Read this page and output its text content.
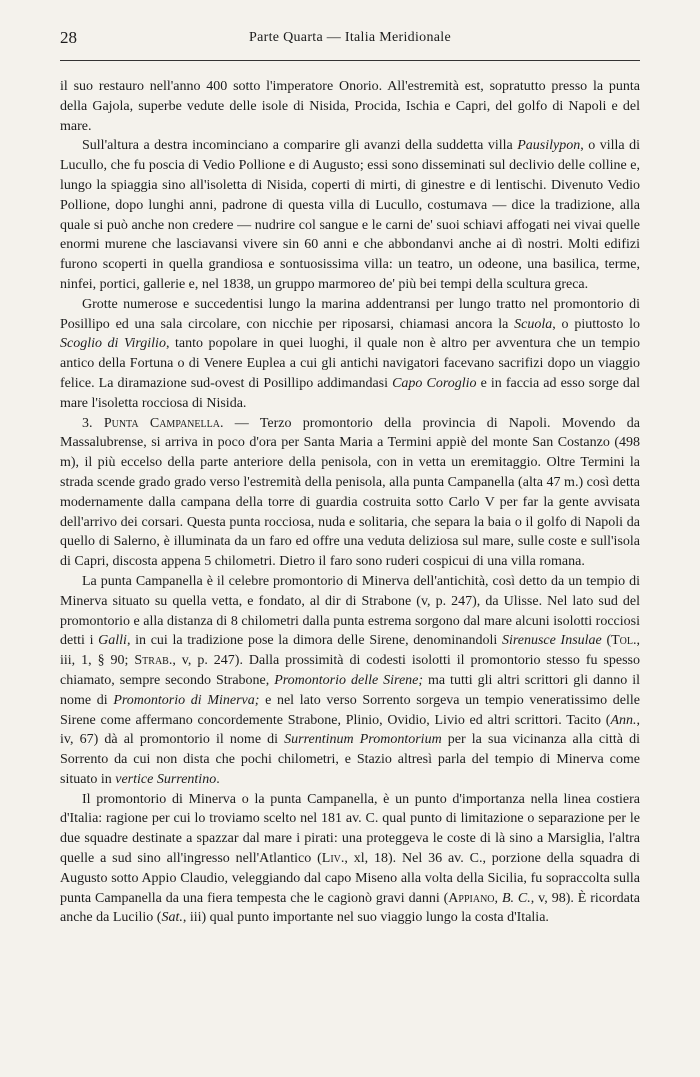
28	Parte Quarta — Italia Meridionale

il suo restauro nell'anno 400 sotto l'imperatore Onorio. All'estremità est, sopratutto presso la punta della Gajola, superbe vedute delle isole di Nisida, Procida, Ischia e Capri, del golfo di Napoli e del mare.

Sull'altura a destra incominciano a comparire gli avanzi della suddetta villa Pausilypon, o villa di Lucullo, che fu poscia di Vedio Pollione e di Augusto; essi sono disseminati sul declivio delle colline e, lungo la spiaggia sino all'isoletta di Nisida, coperti di mirti, di ginestre e di lentischi. Divenuto Vedio Pollione, dopo lunghi anni, padrone di questa villa di Lucullo, costumava — dice la tradizione, alla quale si può anche non credere — nudrire col sangue e le carni de' suoi schiavi affogati nei vivai quelle enormi murene che lasciavansi vivere sin 60 anni e che abbondanvi anche ai dì nostri. Molti edifizi furono scoperti in quella grandiosa e sontuosissima villa: un teatro, un odeone, una basilica, terme, ninfei, portici, gallerie e, nel 1838, un gruppo marmoreo de' più bei tempi della scultura greca.

Grotte numerose e succedentisi lungo la marina addentransi per lungo tratto nel promontorio di Posillipo ed una sala circolare, con nicchie per riposarsi, chiamasi ancora la Scuola, o piuttosto lo Scoglio di Virgilio, tanto popolare in quei luoghi, il quale non è altro per avventura che un tempio antico della Fortuna o di Venere Euplea a cui gli antichi navigatori facevano sacrifizi dopo un viaggio felice. La diramazione sud-ovest di Posillipo addimandasi Capo Coroglio e in faccia ad esso sorge dal mare l'isoletta rocciosa di Nisida.

3. Punta Campanella. — Terzo promontorio della provincia di Napoli. Movendo da Massalubrense, si arriva in poco d'ora per Santa Maria a Termini appiè del monte San Costanzo (498 m), il più eccelso della parte anteriore della penisola, con in vetta un eremitaggio. Oltre Termini la strada scende grado grado verso l'estremità della penisola, alla punta Campanella (alta 47 m.) così detta modernamente dalla campana della torre di guardia costruita sotto Carlo V per far la gente avvisata dell'arrivo dei corsari. Questa punta rocciosa, nuda e solitaria, che separa la baia o il golfo di Napoli da quello di Salerno, è illuminata da un faro ed offre una veduta deliziosa sul mare, sulle coste e sull'isola di Capri, discosta appena 5 chilometri. Dietro il faro sono ruderi cospicui di una villa romana.

La punta Campanella è il celebre promontorio di Minerva dell'antichità, così detto da un tempio di Minerva situato su quella vetta, e fondato, al dir di Strabone (v, p. 247), da Ulisse. Nel lato sud del promontorio e alla distanza di 8 chilometri dalla punta estrema sorgono dal mare alcuni isolotti rocciosi detti i Galli, in cui la tradizione pose la dimora delle Sirene, denominandoli Sirenusce Insulae (Tol., iii, 1, § 90; Strab., v, p. 247). Dalla prossimità di codesti isolotti il promontorio stesso fu spesso chiamato, sempre secondo Strabone, Promontorio delle Sirene; ma tutti gli altri scrittori gli danno il nome di Promontorio di Minerva; e nel lato verso Sorrento sorgeva un tempio veneratissimo delle Sirene come affermano concordemente Strabone, Plinio, Ovidio, Livio ed altri scrittori. Tacito (Ann., iv, 67) dà al promontorio il nome di Surrentinum Promontorium per la sua vicinanza alla città di Sorrento da cui non dista che pochi chilometri, e Stazio altresì parla del tempio di Minerva come situato in vertice Surrentino.

Il promontorio di Minerva o la punta Campanella, è un punto d'importanza nella linea costiera d'Italia: ragione per cui lo troviamo scelto nel 181 av. C. qual punto di limitazione o separazione per le due squadre destinate a spazzar dal mare i pirati: una proteggeva le coste di là sino a Marsiglia, l'altra quelle a sud sino all'ingresso nell'Atlantico (Liv., xl, 18). Nel 36 av. C., porzione della squadra di Augusto sotto Appio Claudio, veleggiando dal capo Miseno alla volta della Sicilia, fu sopraccolta sulla punta Campanella da una fiera tempesta che le cagionò gravi danni (Appiano, B. C., v, 98). È ricordata anche da Lucilio (Sat., iii) qual punto importante nel suo viaggio lungo la costa d'Italia.
